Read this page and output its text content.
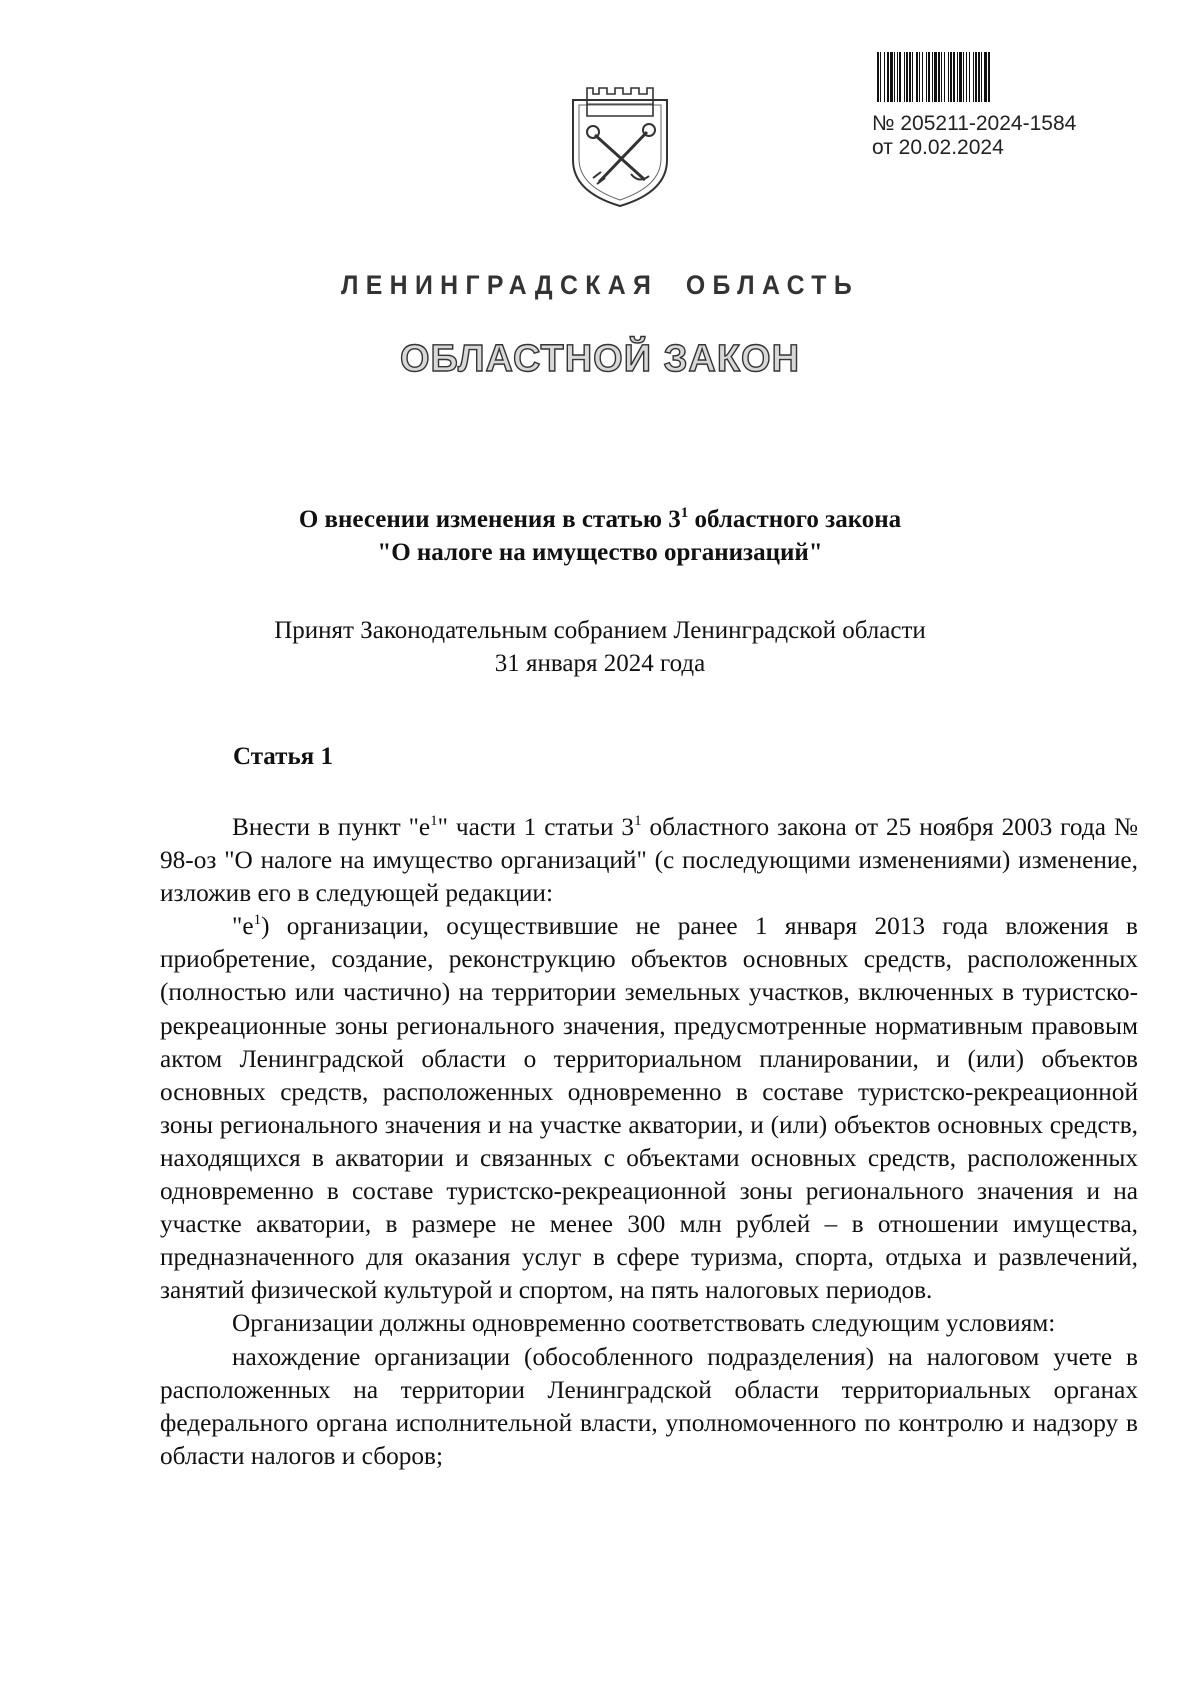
№ 205211-2024-1584
от 20.02.2024
ЛЕНИНГРАДСКАЯ ОБЛАСТЬ
ОБЛАСТНОЙ ЗАКОН
О внесении изменения в статью $3^1$ областного закона
"О налоге на имущество организаций"
Принят Законодательным собранием Ленинградской области
31 января 2024 года
Статья 1

Внести в пункт "$е^1$" части 1 статьи $3^1$ областного закона от 25 ноября 2003 года № 98-оз "О налоге на имущество организаций" (с последующими изменениями) изменение, изложив его в следующей редакции:

"$е^1$) организации, осуществившие не ранее 1 января 2013 года вложения в приобретение, создание, реконструкцию объектов основных средств, расположенных (полностью или частично) на территории земельных участков, включенных в туристско-рекреационные зоны регионального значения, предусмотренные нормативным правовым актом Ленинградской области о территориальном планировании, и (или) объектов основных средств, расположенных одновременно в составе туристско-рекреационной зоны регионального значения и на участке акватории, и (или) объектов основных средств, находящихся в акватории и связанных с объектами основных средств, расположенных одновременно в составе туристско-рекреационной зоны регионального значения и на участке акватории, в размере не менее 300 млн рублей – в отношении имущества, предназначенного для оказания услуг в сфере туризма, спорта, отдыха и развлечений, занятий физической культурой и спортом, на пять налоговых периодов.

Организации должны одновременно соответствовать следующим условиям:

нахождение организации (обособленного подразделения) на налоговом учете в расположенных на территории Ленинградской области территориальных органах федерального органа исполнительной власти, уполномоченного по контролю и надзору в области налогов и сборов;
